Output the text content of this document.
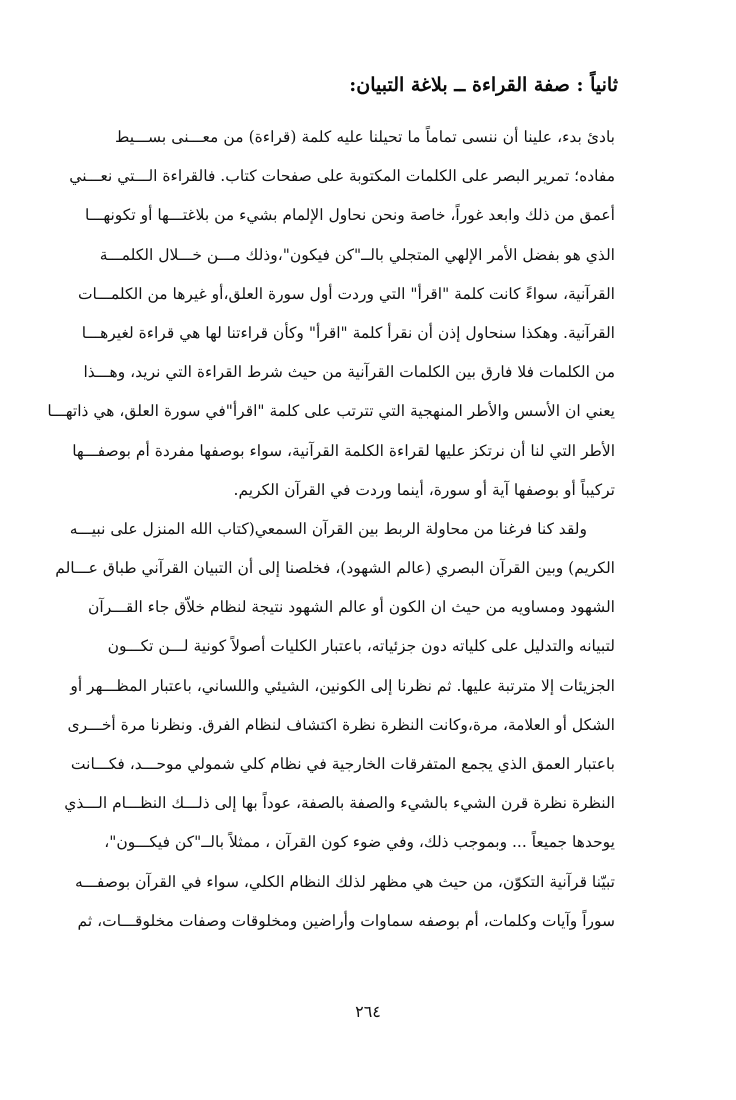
ثانياً : صفة القراءة ــ بلاغة التبيان:
بادئ بدء، علينا أن ننسى تماماً ما تحيلنا عليه كلمة (قراءة) من معـــنى بســـيط
مفاده؛ تمرير البصر على الكلمات المكتوبة على صفحات كتاب. فالقراءة الـــتي نعـــني
أعمق من ذلك وابعد غوراً، خاصة ونحن نحاول الإلمام بشيء من بلاغتـــها أو تكونهـــا
الذي هو بفضل الأمر الإلهي المتجلي بالــ"كن فيكون"،وذلك مـــن خـــلال الكلمـــة
القرآنية، سواءً كانت كلمة "اقرأ" التي وردت أول سورة العلق،أو غيرها من الكلمـــات
القرآنية. وهكذا سنحاول إذن أن نقرأ كلمة "اقرأ" وكأن قراءتنا لها هي قراءة لغيرهـــا
من الكلمات فلا فارق بين الكلمات القرآنية من حيث شرط القراءة التي نريد، وهـــذا
يعني ان الأسس والأطر المنهجية التي تترتب على كلمة "اقرأ"في سورة العلق، هي ذاتهـــا
الأطر التي لنا أن نرتكز عليها لقراءة الكلمة القرآنية، سواء بوصفها مفردة أم بوصفـــها
تركيباً أو بوصفها آية أو سورة، أينما وردت في القرآن الكريم.
ولقد كنا فرغنا من محاولة الربط بين القرآن السمعي(كتاب الله المنزل على نبيـــه
الكريم) وبين القرآن البصري (عالم الشهود)، فخلصنا إلى أن التبيان القرآني طباق عـــالم
الشهود ومساويه من حيث ان الكون أو عالم الشهود نتيجة لنظام خلاّق جاء القـــرآن
لتبيانه والتدليل على كلياته دون جزئياته، باعتبار الكليات أصولاً كونية لـــن تكـــون
الجزيئات إلا مترتبة عليها. ثم نظرنا إلى الكونين، الشيئي واللساني، باعتبار المظـــهر أو
الشكل أو العلامة، مرة،وكانت النظرة نظرة اكتشاف لنظام الفرق. ونظرنا مرة أخـــرى
باعتبار العمق الذي يجمع المتفرقات الخارجية في نظام كلي شمولي موحـــد، فكـــانت
النظرة نظرة قرن الشيء بالشيء والصفة بالصفة، عوداً بها إلى ذلـــك النظـــام الـــذي
يوحدها جميعاً ... وبموجب ذلك، وفي ضوء كون القرآن ، ممثلاً بالــ"كن فيكـــون"،
تبيّنا قرآنية التكوّن، من حيث هي مظهر لذلك النظام الكلي، سواء في القرآن بوصفـــه
سوراً وآيات وكلمات، أم بوصفه سماوات وأراضين ومخلوقات وصفات مخلوقـــات، ثم
٢٦٤
